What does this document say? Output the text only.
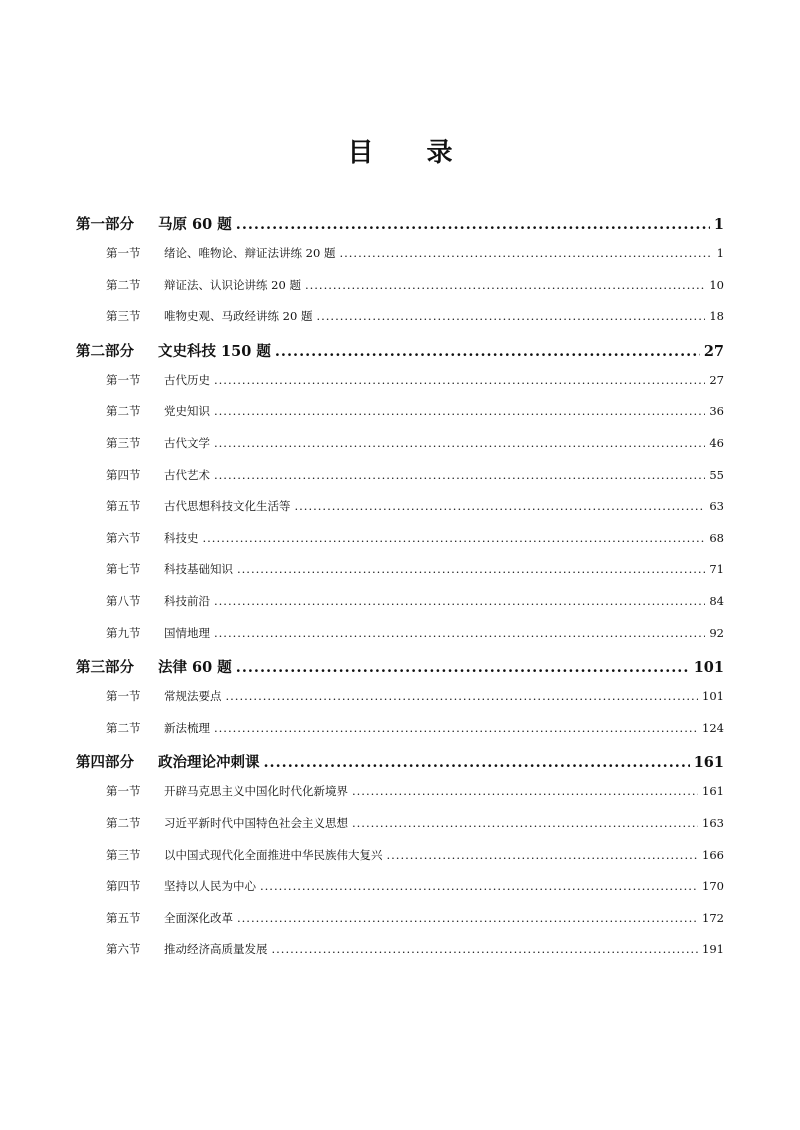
目 录
第一部分	马原 60 题 .....	1
第一节	绪论、唯物论、辩证法讲练 20 题 .....	1
第二节	辩证法、认识论讲练 20 题 .....	10
第三节	唯物史观、马政经讲练 20 题 .....	18
第二部分	文史科技 150 题 .....	27
第一节	古代历史 .....	27
第二节	党史知识 .....	36
第三节	古代文学 .....	46
第四节	古代艺术 .....	55
第五节	古代思想科技文化生活等 .....	63
第六节	科技史 .....	68
第七节	科技基础知识 .....	71
第八节	科技前沿 .....	84
第九节	国情地理 .....	92
第三部分	法律 60 题 .....	101
第一节	常规法要点 .....	101
第二节	新法梳理 .....	124
第四部分	政治理论冲刺课 .....	161
第一节	开辟马克思主义中国化时代化新境界 .....	161
第二节	习近平新时代中国特色社会主义思想 .....	163
第三节	以中国式现代化全面推进中华民族伟大复兴 .....	166
第四节	坚持以人民为中心 .....	170
第五节	全面深化改革 .....	172
第六节	推动经济高质量发展 .....	191
